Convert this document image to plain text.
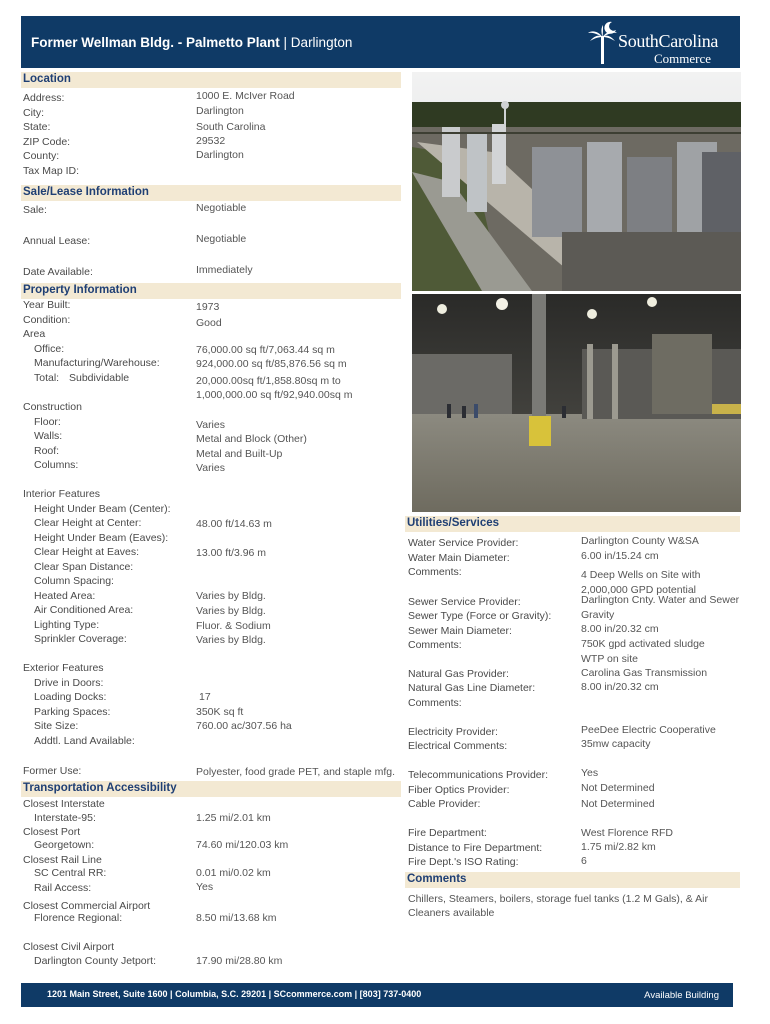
Former Wellman Bldg. - Palmetto Plant | Darlington	SouthCarolina
Commerce
Location
Address:	1000 E. McIver Road
City:	Darlington
State:	South Carolina
ZIP Code:	29532
County:	Darlington
Tax Map ID:
Sale/Lease Information
Sale:	Negotiable
Annual Lease:	Negotiable
Date Available:	Immediately
Property Information
Year Built:	1973
Condition:	Good
Area
Office:	76,000.00 sq ft/7,063.44 sq m
Manufacturing/Warehouse:	924,000.00 sq ft/85,876.56 sq m
Total: Subdividable	20,000.00sq ft/1,858.80sq m to
1,000,000.00 sq ft/92,940.00sq m
Construction
Floor:	Varies
Walls:	Metal and Block (Other)
Roof:	Metal and Built-Up
Columns:	Varies
Interior Features
Height Under Beam (Center):
Clear Height at Center:	48.00 ft/14.63 m
Height Under Beam (Eaves):
Clear Height at Eaves:	13.00 ft/3.96 m
Clear Span Distance:
Column Spacing:
Heated Area:	Varies by Bldg.
Air Conditioned Area:	Varies by Bldg.
Lighting Type:	Fluor. & Sodium
Sprinkler Coverage:	Varies by Bldg.
Exterior Features
Drive in Doors:
Loading Docks:	17
Parking Spaces:	350K sq ft
Site Size:	760.00 ac/307.56 ha
Addtl. Land Available:
Former Use:	Polyester, food grade PET, and staple mfg.
Transportation Accessibility
Closest Interstate
Interstate-95:	1.25 mi/2.01 km
Closest Port
Georgetown:	74.60 mi/120.03 km
Closest Rail Line
SC Central RR:	0.01 mi/0.02 km
Rail Access:	Yes
Closest Commercial Airport
Florence Regional:	8.50 mi/13.68 km
Closest Civil Airport
Darlington County Jetport:	17.90 mi/28.80 km
Utilities/Services
Water Service Provider:	Darlington County W&SA
Water Main Diameter:	6.00 in/15.24 cm
Comments:	4 Deep Wells on Site with
2,000,000 GPD potential
Sewer Service Provider:	Darlington Cnty. Water and Sewer
Sewer Type (Force or Gravity):	Gravity
Sewer Main Diameter:	8.00 in/20.32 cm
Comments:	750K gpd activated sludge
WTP on site
Natural Gas Provider:	Carolina Gas Transmission
Natural Gas Line Diameter:	8.00 in/20.32 cm
Comments:
Electricity Provider:	PeeDee Electric Cooperative
Electrical Comments:	35mw capacity
Telecommunications Provider:	Yes
Fiber Optics Provider:	Not Determined
Cable Provider:	Not Determined
Fire Department:	West Florence RFD
Distance to Fire Department:	1.75 mi/2.82 km
Fire Dept.'s ISO Rating:	6
Comments
Chillers, Steamers, boilers, storage fuel tanks (1.2 M Gals), & Air
Cleaners available
1201 Main Street, Suite 1600 | Columbia, S.C. 29201 | SCcommerce.com | [803] 737-0400	Available Building
